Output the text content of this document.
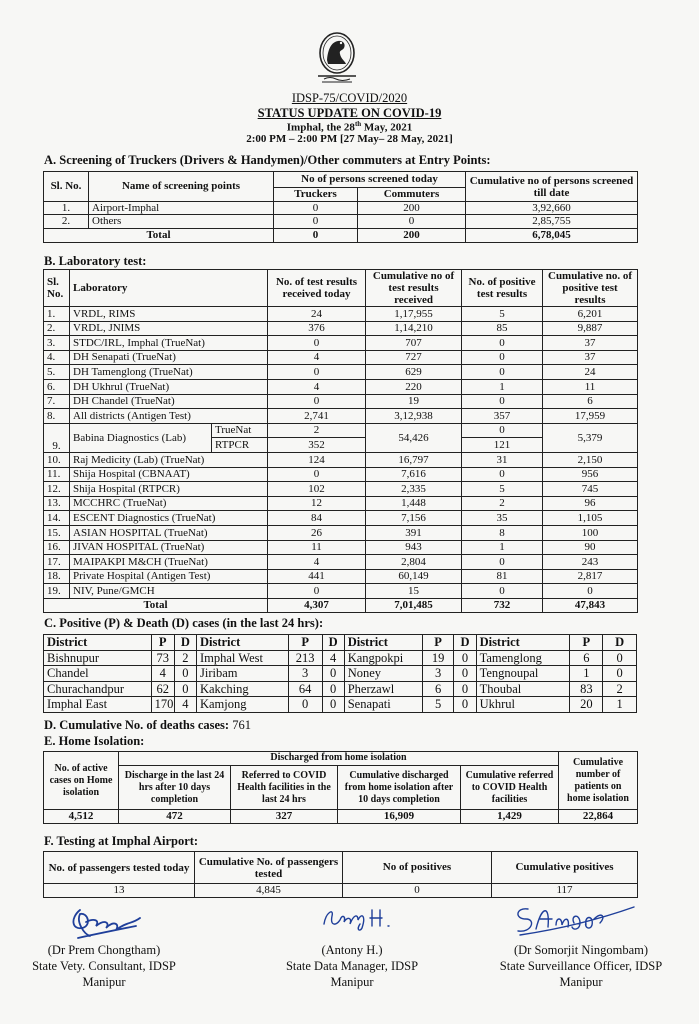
IDSP-75/COVID/2020
STATUS UPDATE ON COVID-19
Imphal, the 28th May, 2021
2:00 PM – 2:00 PM [27 May– 28 May, 2021]
A. Screening of Truckers (Drivers & Handymen)/Other commuters at Entry Points:
Sl. No.	Name of screening points	No of persons screened today		Cumulative no of persons screened till date
		Truckers	Commuters	
1.	Airport-Imphal	0	200	3,92,660
2.	Others	0	0	2,85,755
Total		0	200	6,78,045
B. Laboratory test:
Sl. No.	Laboratory		No. of test results received today	Cumulative no of test results received	No. of positive test results	Cumulative no. of positive test results
1.	VRDL, RIMS		24	1,17,955	5	6,201
2.	VRDL, JNIMS		376	1,14,210	85	9,887
3.	STDC/IRL, Imphal (TrueNat)		0	707	0	37
4.	DH Senapati (TrueNat)		4	727	0	37
5.	DH Tamenglong (TrueNat)		0	629	0	24
6.	DH Ukhrul (TrueNat)		4	220	1	11
7.	DH Chandel (TrueNat)		0	19	0	6
8.	All districts (Antigen Test)		2,741	3,12,938	357	17,959
9.	Babina Diagnostics (Lab)	TrueNat	2	54,426	0	5,379
		RTPCR	352		121	
10.	Raj Medicity (Lab) (TrueNat)		124	16,797	31	2,150
11.	Shija Hospital (CBNAAT)		0	7,616	0	956
12.	Shija Hospital (RTPCR)		102	2,335	5	745
13.	MCCHRC (TrueNat)		12	1,448	2	96
14.	ESCENT Diagnostics (TrueNat)		84	7,156	35	1,105
15.	ASIAN HOSPITAL (TrueNat)		26	391	8	100
16.	JIVAN HOSPITAL (TrueNat)		11	943	1	90
17.	MAIPAKPI M&CH (TrueNat)		4	2,804	0	243
18.	Private Hospital (Antigen Test)		441	60,149	81	2,817
19.	NIV, Pune/GMCH		0	15	0	0
Total			4,307	7,01,485	732	47,843
C. Positive (P) & Death (D) cases (in the last 24 hrs):
District	P	D	District	P	D	District	P	D	District	P	D
Bishnupur	73	2	Imphal West	213	4	Kangpokpi	19	0	Tamenglong	6	0
Chandel	4	0	Jiribam	3	0	Noney	3	0	Tengnoupal	1	0
Churachandpur	62	0	Kakching	64	0	Pherzawl	6	0	Thoubal	83	2
Imphal East	170	4	Kamjong	0	0	Senapati	5	0	Ukhrul	20	1
D. Cumulative No. of deaths cases: 761
E. Home Isolation:
No. of active cases on Home isolation	Discharged from home isolation				Cumulative number of patients on home isolation
	Discharge in the last 24 hrs after 10 days completion	Referred to COVID Health facilities in the last 24 hrs	Cumulative discharged from home isolation after 10 days completion	Cumulative referred to COVID Health facilities	
4,512	472	327	16,909	1,429	22,864
F. Testing at Imphal Airport:
No. of passengers tested today	Cumulative No. of passengers tested	No of positives	Cumulative positives
13	4,845	0	117
(Dr Prem Chongtham)
State Vety. Consultant, IDSP
Manipur
(Antony H.)
State Data Manager, IDSP
Manipur
(Dr Somorjit Ningombam)
State Surveillance Officer, IDSP
Manipur
